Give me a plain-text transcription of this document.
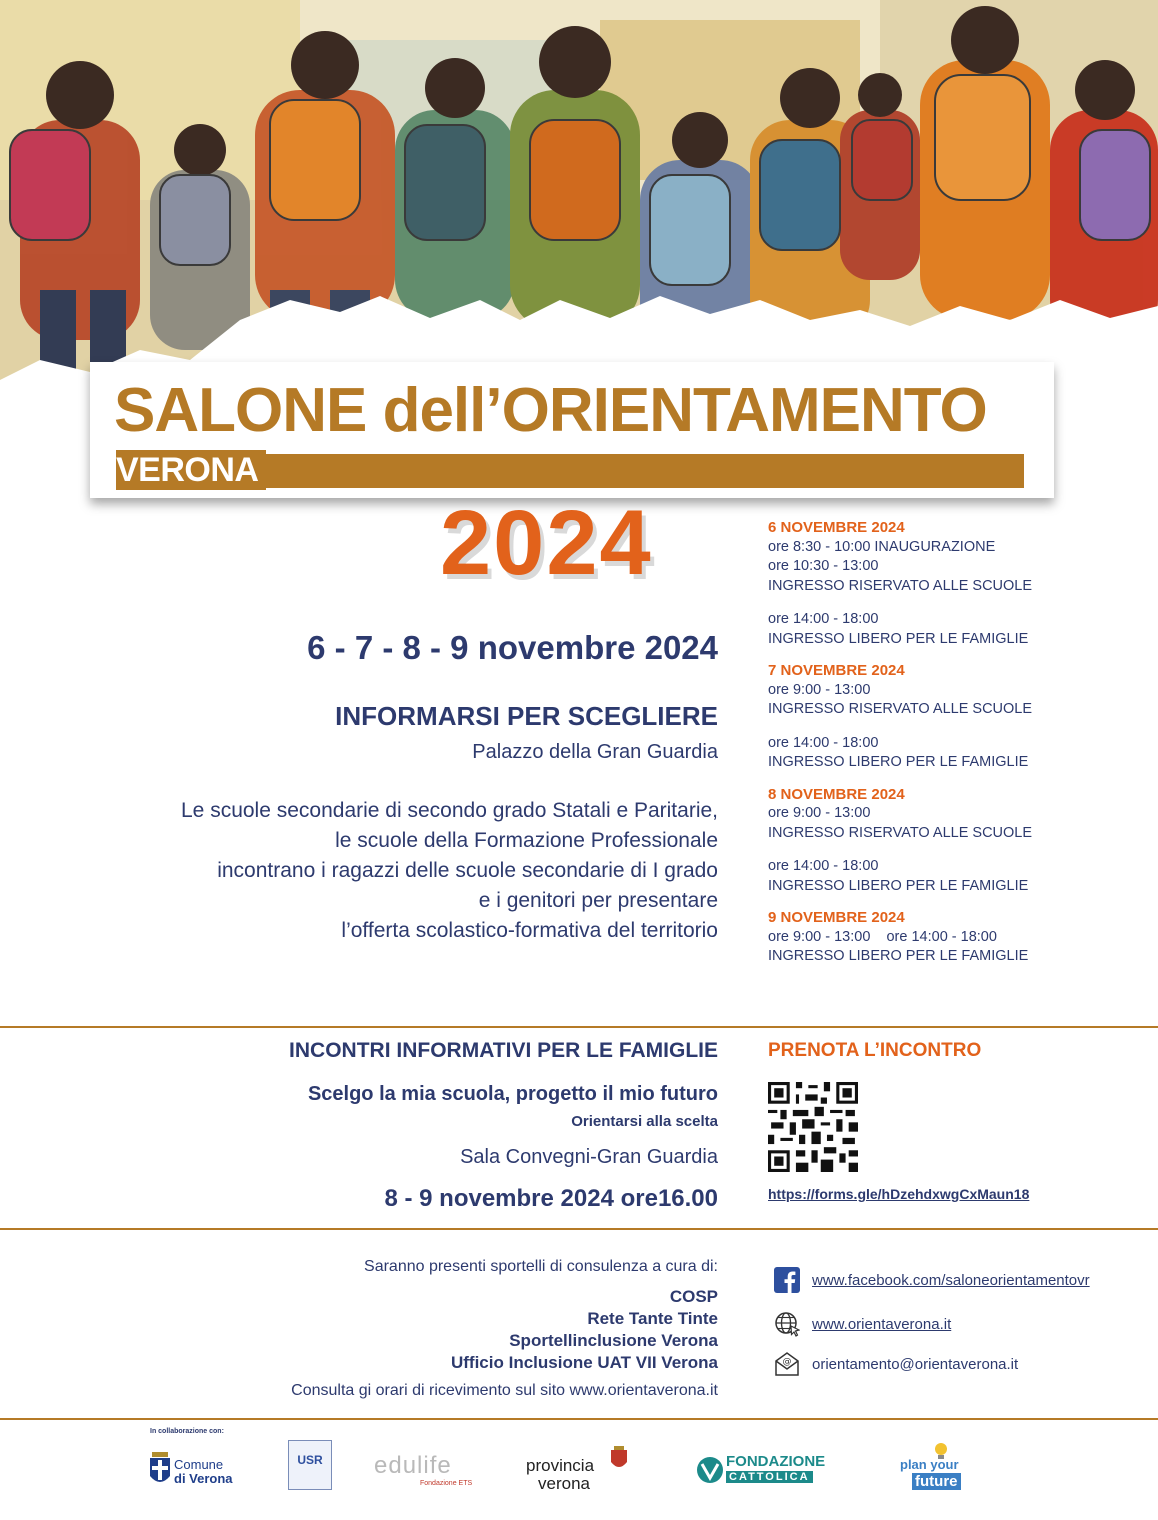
SALONE dell’ORIENTAMENTO
VERONA
2024
6 - 7 - 8 - 9 novembre 2024
INFORMARSI PER SCEGLIERE
Palazzo della Gran Guardia
Le scuole secondarie di secondo grado Statali e Paritarie,
le scuole della Formazione Professionale
incontrano i ragazzi delle scuole secondarie di I grado
e i genitori per presentare
l’offerta scolastico-formativa del territorio
6 NOVEMBRE 2024
ore 8:30 - 10:00 INAUGURAZIONE
ore 10:30 - 13:00
INGRESSO RISERVATO ALLE SCUOLE
ore 14:00 - 18:00
INGRESSO LIBERO PER LE FAMIGLIE
7 NOVEMBRE 2024
ore 9:00 - 13:00
INGRESSO RISERVATO ALLE SCUOLE
ore 14:00 - 18:00
INGRESSO LIBERO PER LE FAMIGLIE
8 NOVEMBRE 2024
ore 9:00 - 13:00
INGRESSO RISERVATO ALLE SCUOLE
ore 14:00 - 18:00
INGRESSO LIBERO PER LE FAMIGLIE
9 NOVEMBRE 2024
ore 9:00 - 13:00    ore 14:00 - 18:00
INGRESSO LIBERO PER LE FAMIGLIE
INCONTRI INFORMATIVI PER LE FAMIGLIE
Scelgo la mia scuola, progetto il mio futuro
Orientarsi alla scelta
Sala Convegni-Gran Guardia
8 - 9 novembre 2024 ore16.00
PRENOTA L’INCONTRO
https://forms.gle/hDzehdxwgCxMaun18
Saranno presenti sportelli di consulenza a cura di:
COSP
Rete Tante Tinte
Sportellinclusione Verona
Ufficio Inclusione UAT VII Verona
Consulta gi orari di ricevimento sul sito www.orientaverona.it
www.facebook.com/saloneorientamentovr
www.orientaverona.it
@ orientamento@orientaverona.it
In collaborazione con:
Comune
di Verona
USR	edulife
Fondazione ETS
provincia
verona
FONDAZIONE
CATTOLICA
plan your
future
